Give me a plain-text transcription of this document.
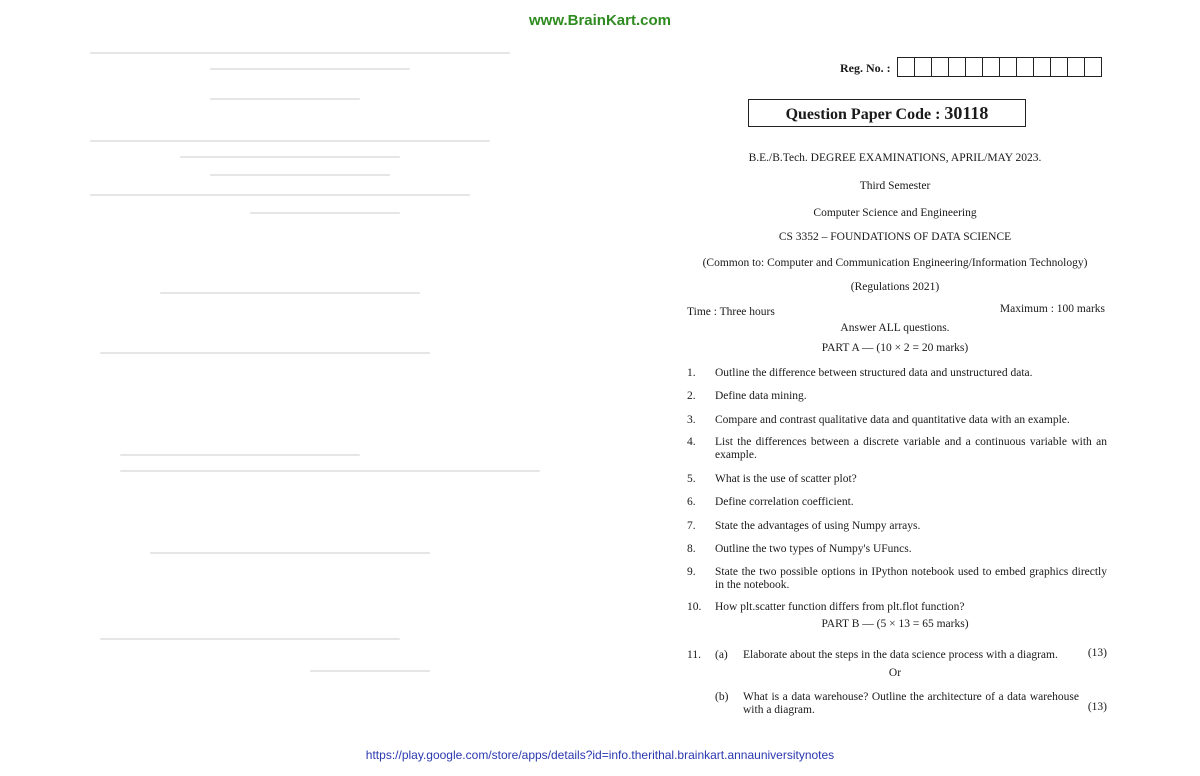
www.BrainKart.com
Reg. No. :
Question Paper Code : 30118
B.E./B.Tech. DEGREE EXAMINATIONS, APRIL/MAY 2023.
Third Semester
Computer Science and Engineering
CS 3352 – FOUNDATIONS OF DATA SCIENCE
(Common to: Computer and Communication Engineering/Information Technology)
(Regulations 2021)
Time : Three hours	Maximum : 100 marks
Answer ALL questions.
PART A — (10 × 2 = 20 marks)
1. Outline the difference between structured data and unstructured data.
2. Define data mining.
3. Compare and contrast qualitative data and quantitative data with an example.
4. List the differences between a discrete variable and a continuous variable with an example.
5. What is the use of scatter plot?
6. Define correlation coefficient.
7. State the advantages of using Numpy arrays.
8. Outline the two types of Numpy's UFuncs.
9. State the two possible options in IPython notebook used to embed graphics directly in the notebook.
10. How plt.scatter function differs from plt.flot function?
PART B — (5 × 13 = 65 marks)
11. (a) Elaborate about the steps in the data science process with a diagram.	(13)
Or
(b) What is a data warehouse? Outline the architecture of a data warehouse with a diagram.	(13)
https://play.google.com/store/apps/details?id=info.therithal.brainkart.annauniversitynotes
